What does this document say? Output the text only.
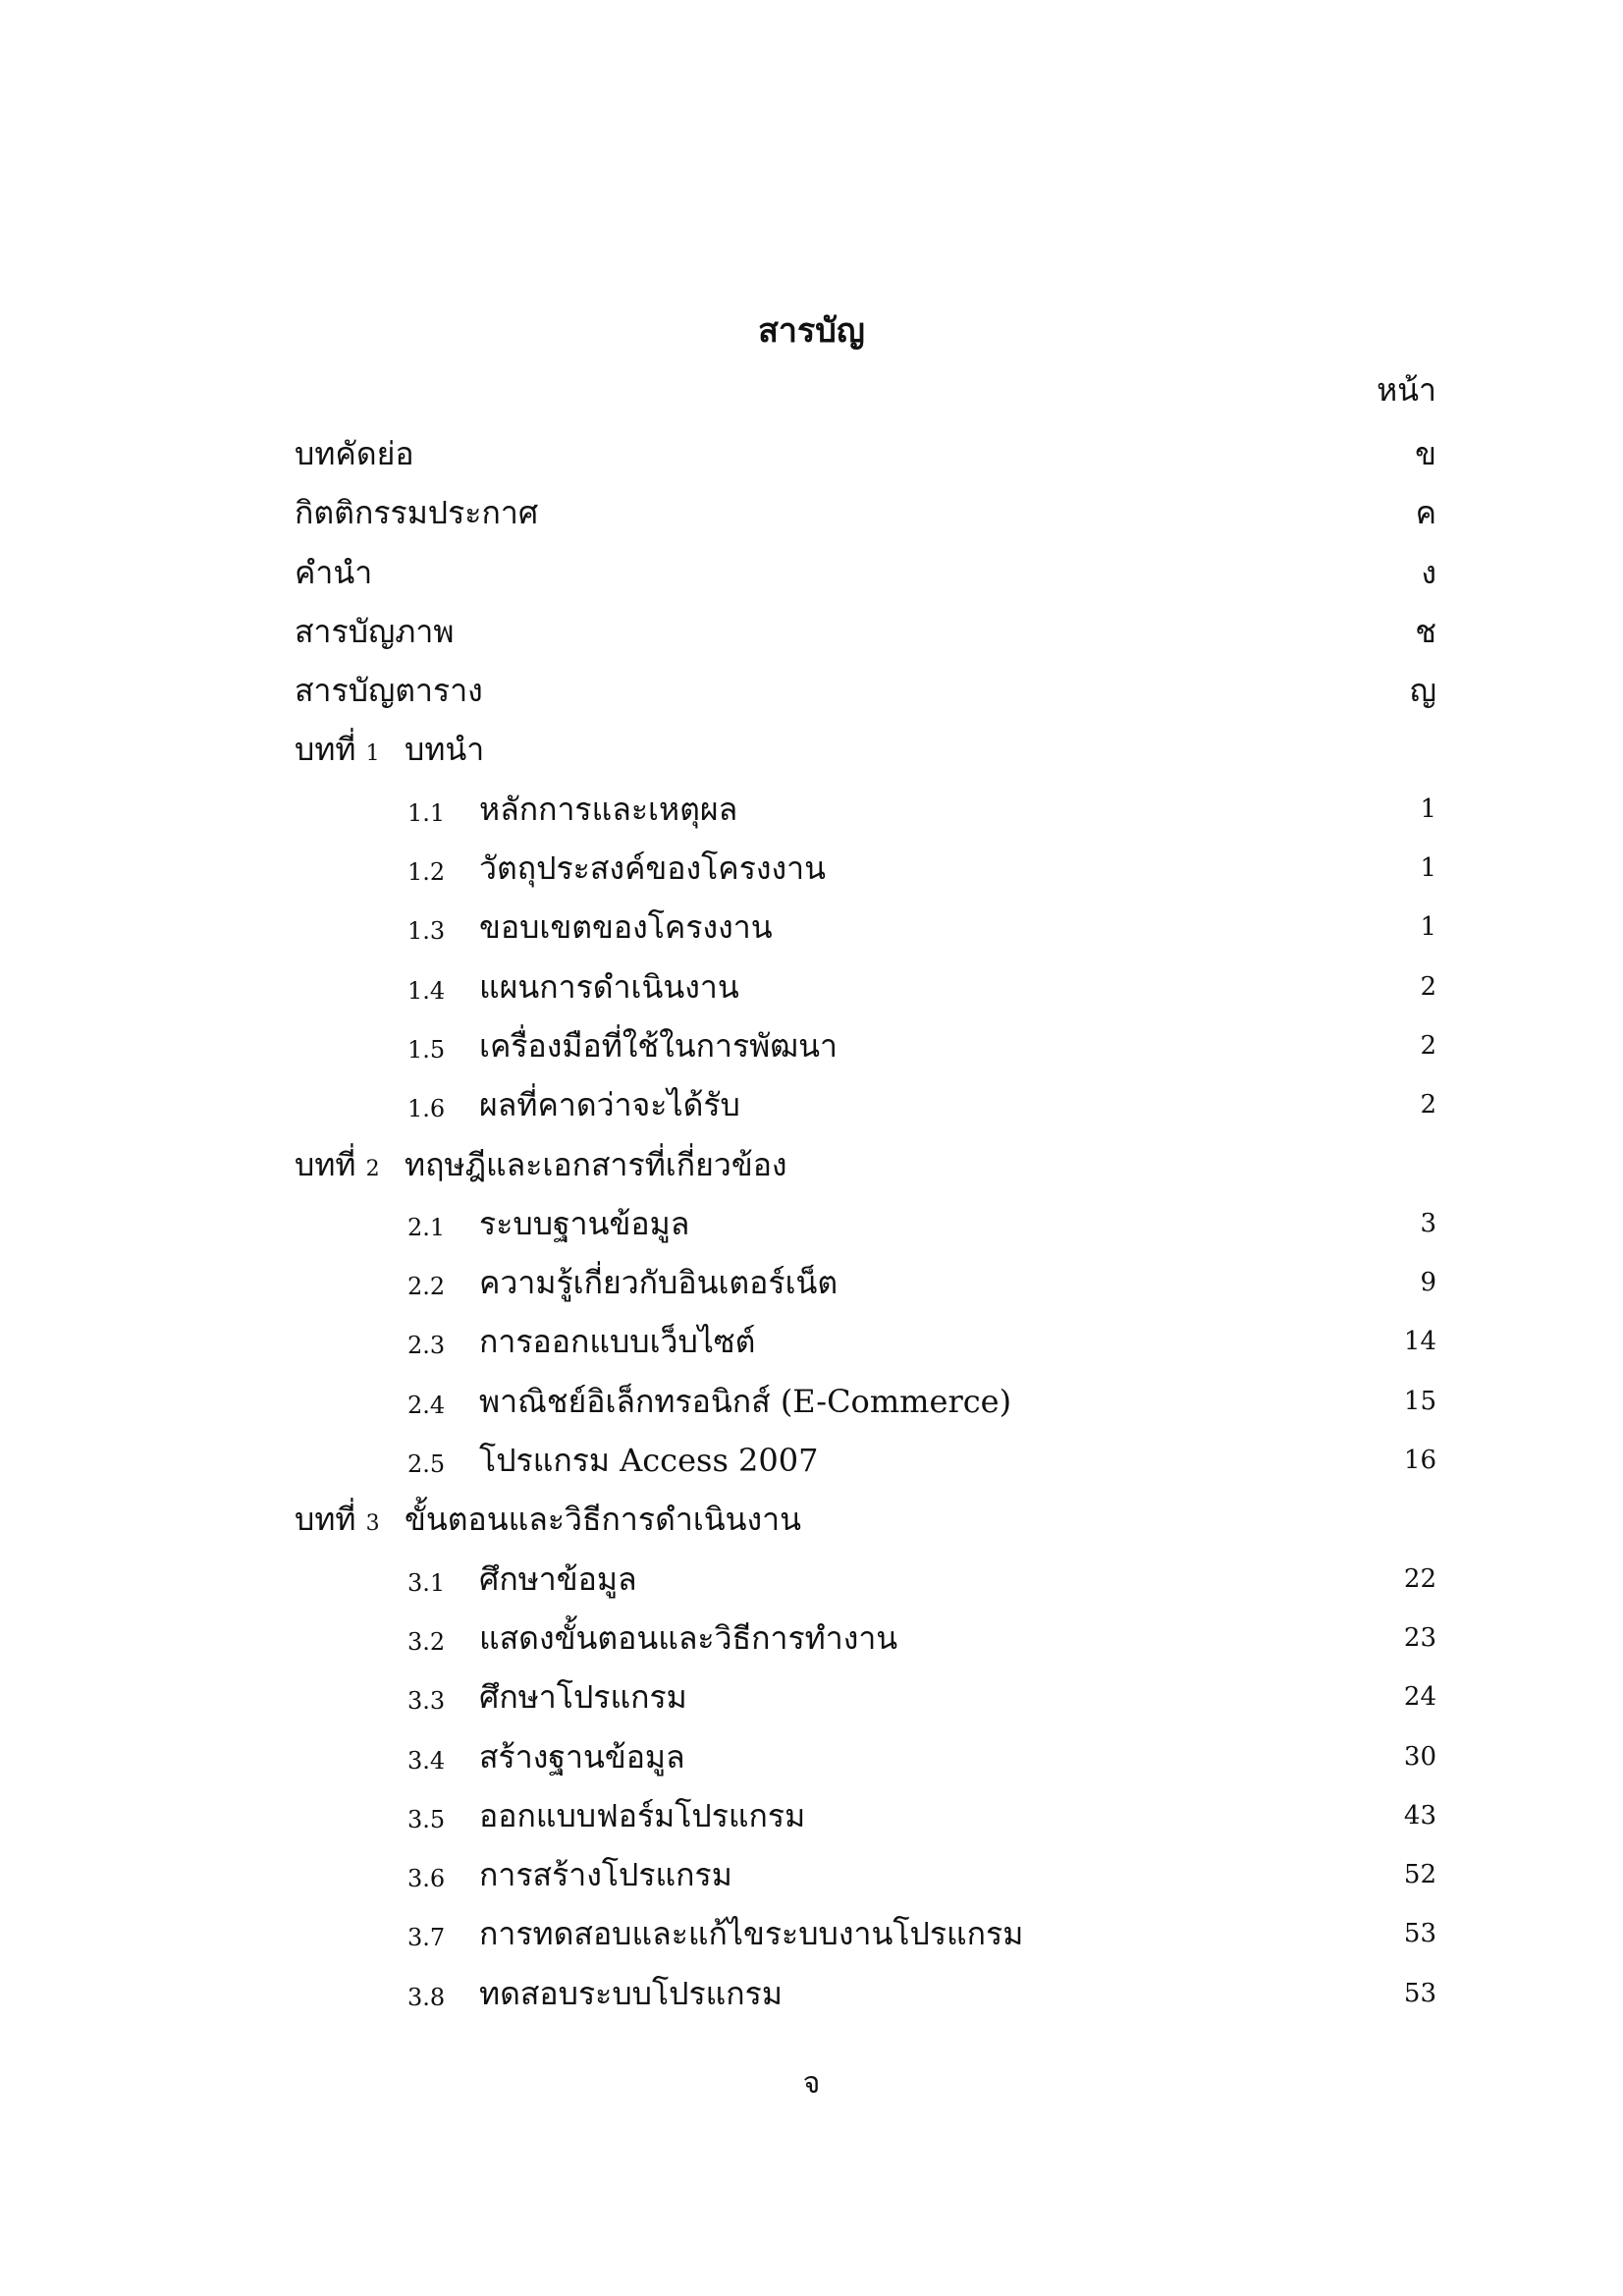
สารบัญ
หน้า
บทคัดย่อ	ข
กิตติกรรมประกาศ	ค
คำนำ	ง
สารบัญภาพ	ช
สารบัญตาราง	ญ
บทที่ 1 บทนำ
1.1	หลักการและเหตุผล	1
1.2	วัตถุประสงค์ของโครงงาน	1
1.3	ขอบเขตของโครงงาน	1
1.4	แผนการดำเนินงาน	2
1.5	เครื่องมือที่ใช้ในการพัฒนา	2
1.6	ผลที่คาดว่าจะได้รับ	2
บทที่ 2 ทฤษฎีและเอกสารที่เกี่ยวข้อง
2.1	ระบบฐานข้อมูล	3
2.2	ความรู้เกี่ยวกับอินเตอร์เน็ต	9
2.3	การออกแบบเว็บไซต์	14
2.4	พาณิชย์อิเล็กทรอนิกส์ (E-Commerce)	15
2.5	โปรแกรม Access 2007	16
บทที่ 3 ขั้นตอนและวิธีการดำเนินงาน
3.1	ศึกษาข้อมูล	22
3.2	แสดงขั้นตอนและวิธีการทำงาน	23
3.3	ศึกษาโปรแกรม	24
3.4	สร้างฐานข้อมูล	30
3.5	ออกแบบฟอร์มโปรแกรม	43
3.6	การสร้างโปรแกรม	52
3.7	การทดสอบและแก้ไขระบบงานโปรแกรม	53
3.8	ทดสอบระบบโปรแกรม	53
จ
